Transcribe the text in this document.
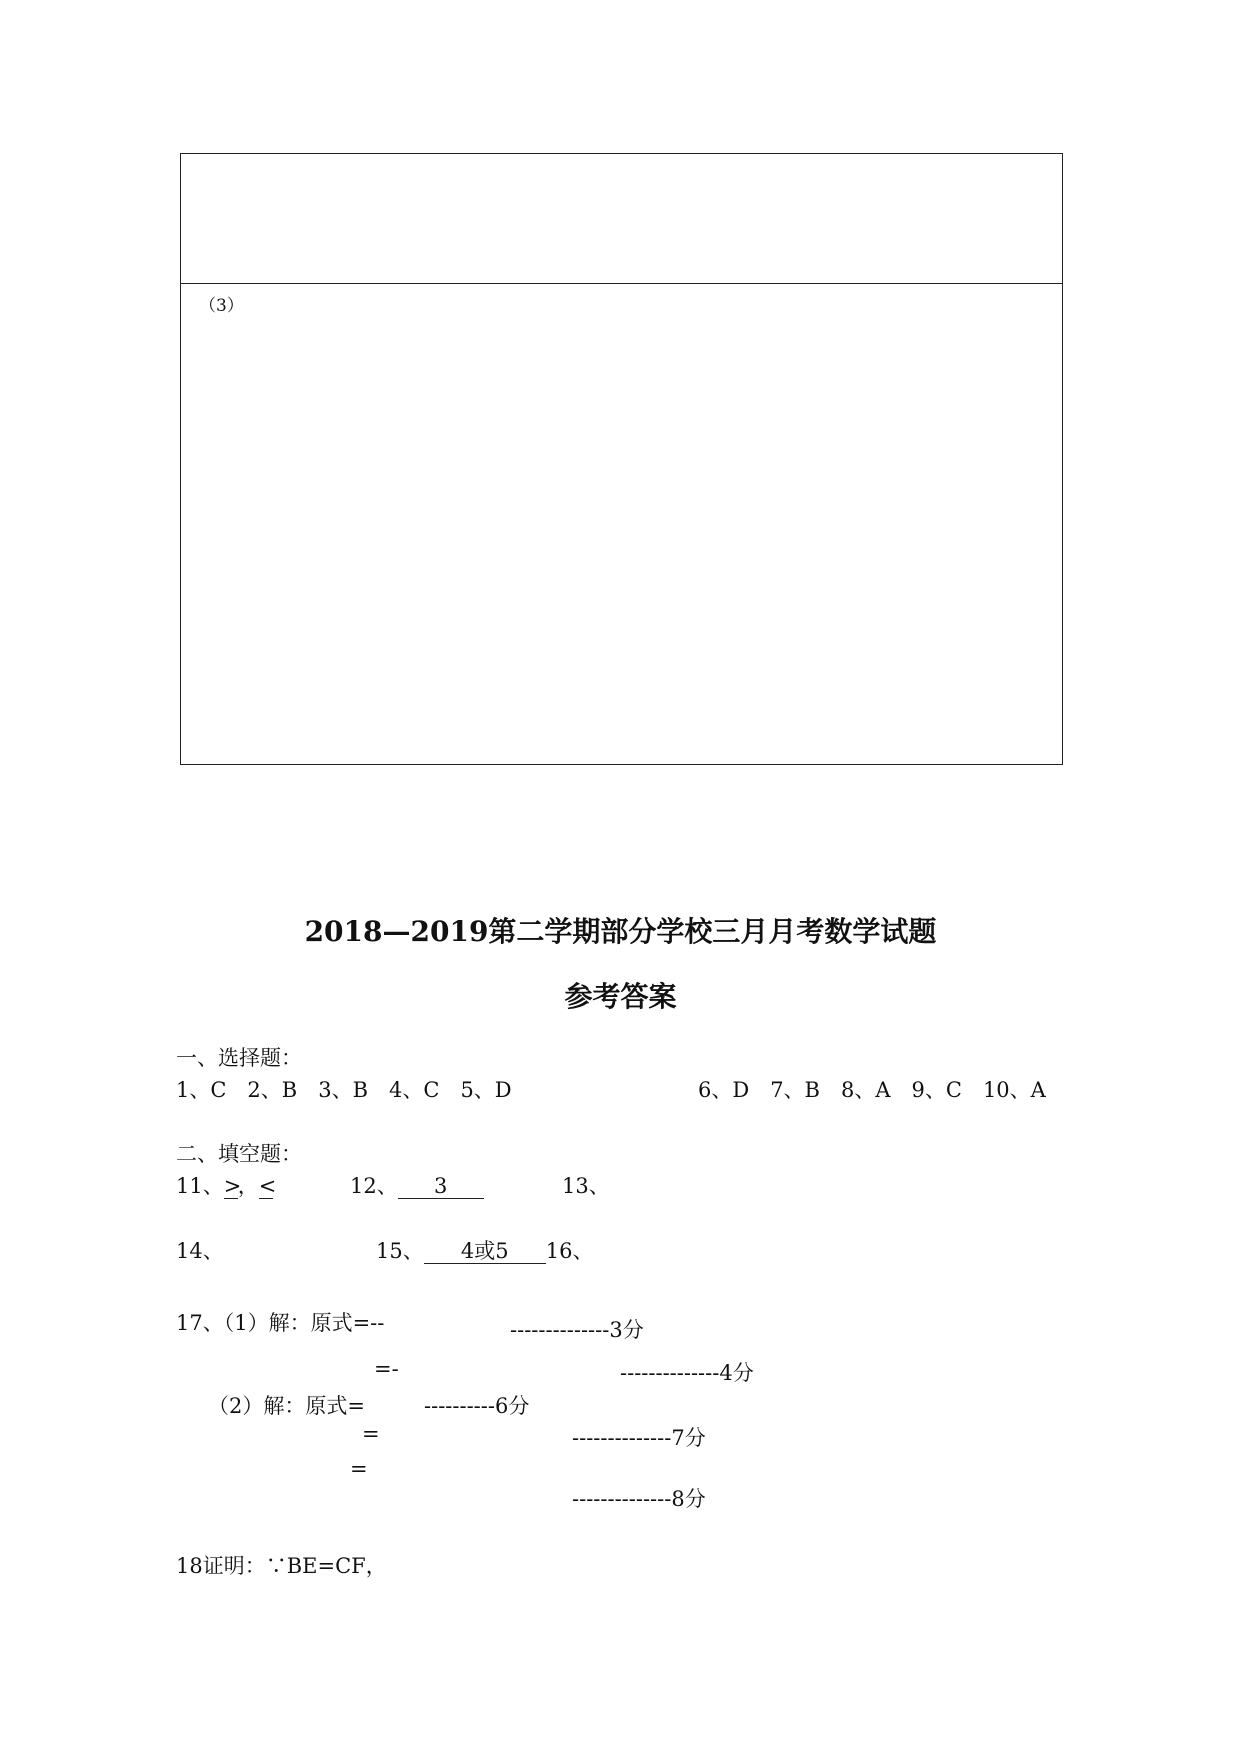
（3）
2018—2019第二学期部分学校三月月考数学试题
参考答案
一、选择题：
1、C　2、B　3、B　4、C　5、D	6、D　7、B　8、A　9、C　10、A
二、填空题：
11、>，<	12、 3	13、
14、	15、 4或5 16、
17、（1）解：原式=--	--------------3分
=-	--------------4分
（2）解：原式=	----------6分
=	--------------7分
=
--------------8分
18证明：∵BE=CF，
